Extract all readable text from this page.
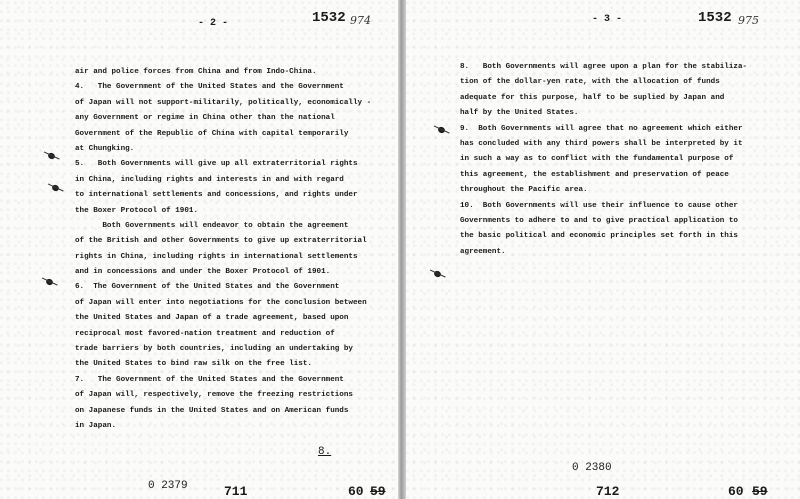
- 2 -	1532 974
air and police forces from China and from Indo-China.
4.   The Government of the United States and the Government
of Japan will not support-militarily, politically, economically -
any Government or regime in China other than the national
Government of the Republic of China with capital temporarily
at Chungking.
5.   Both Governments will give up all extraterritorial rights
in China, including rights and interests in and with regard
to international settlements and concessions, and rights under
the Boxer Protocol of 1901.
Both Governments will endeavor to obtain the agreement
of the British and other Governments to give up extraterritorial
rights in China, including rights in international settlements
and in concessions and under the Boxer Protocol of 1901.
6.  The Government of the United States and the Government
of Japan will enter into negotiations for the conclusion between
the United States and Japan of a trade agreement, based upon
reciprocal most favored-nation treatment and reduction of
trade barriers by both countries, including an undertaking by
the United States to bind raw silk on the free list.
7.   The Government of the United States and the Government
of Japan will, respectively, remove the freezing restrictions
on Japanese funds in the United States and on American funds
in Japan.
8.
0 2379	711	60 59
- 3 -	1532 975
8.   Both Governments will agree upon a plan for the stabiliza-
tion of the dollar-yen rate, with the allocation of funds
adequate for this purpose, half to be suplied by Japan and
half by the United States.
9.  Both Governments will agree that no agreement which either
has concluded with any third powers shall be interpreted by it
in such a way as to conflict with the fundamental purpose of
this agreement, the establishment and preservation of peace
throughout the Pacific area.
10.  Both Governments will use their influence to cause other
Governments to adhere to and to give practical application to
the basic political and economic principles set forth in this
agreement.
0 2380
712	60 59
